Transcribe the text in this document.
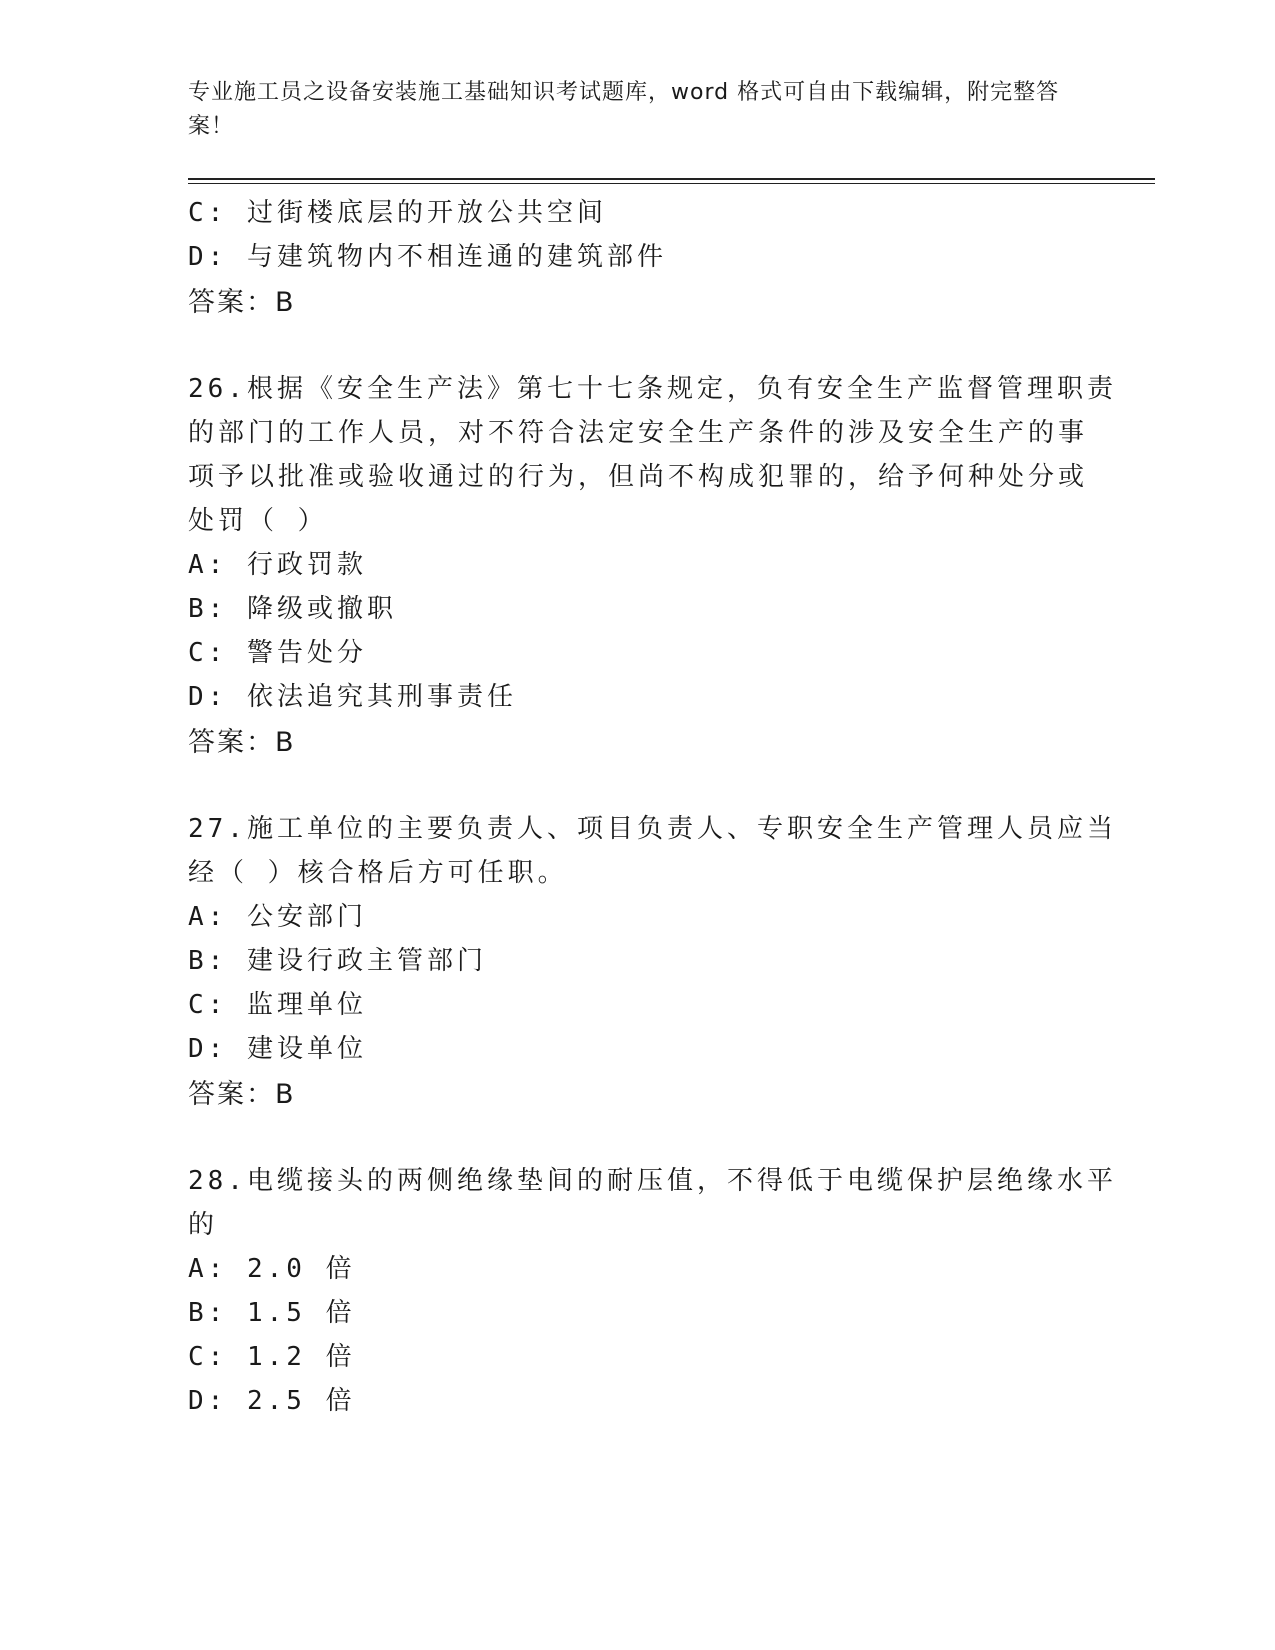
专业施工员之设备安装施工基础知识考试题库，word 格式可自由下载编辑，附完整答案！
C: 过街楼底层的开放公共空间
D: 与建筑物内不相连通的建筑部件
答案：B
26.根据《安全生产法》第七十七条规定，负有安全生产监督管理职责
的部门的工作人员，对不符合法定安全生产条件的涉及安全生产的事
项予以批准或验收通过的行为，但尚不构成犯罪的，给予何种处分或
处罚（ ）
A: 行政罚款
B: 降级或撤职
C: 警告处分
D: 依法追究其刑事责任
答案：B
27.施工单位的主要负责人、项目负责人、专职安全生产管理人员应当
经（ ）核合格后方可任职。
A: 公安部门
B: 建设行政主管部门
C: 监理单位
D: 建设单位
答案：B
28.电缆接头的两侧绝缘垫间的耐压值，不得低于电缆保护层绝缘水平
的
A: 2.0 倍
B: 1.5 倍
C: 1.2 倍
D: 2.5 倍
